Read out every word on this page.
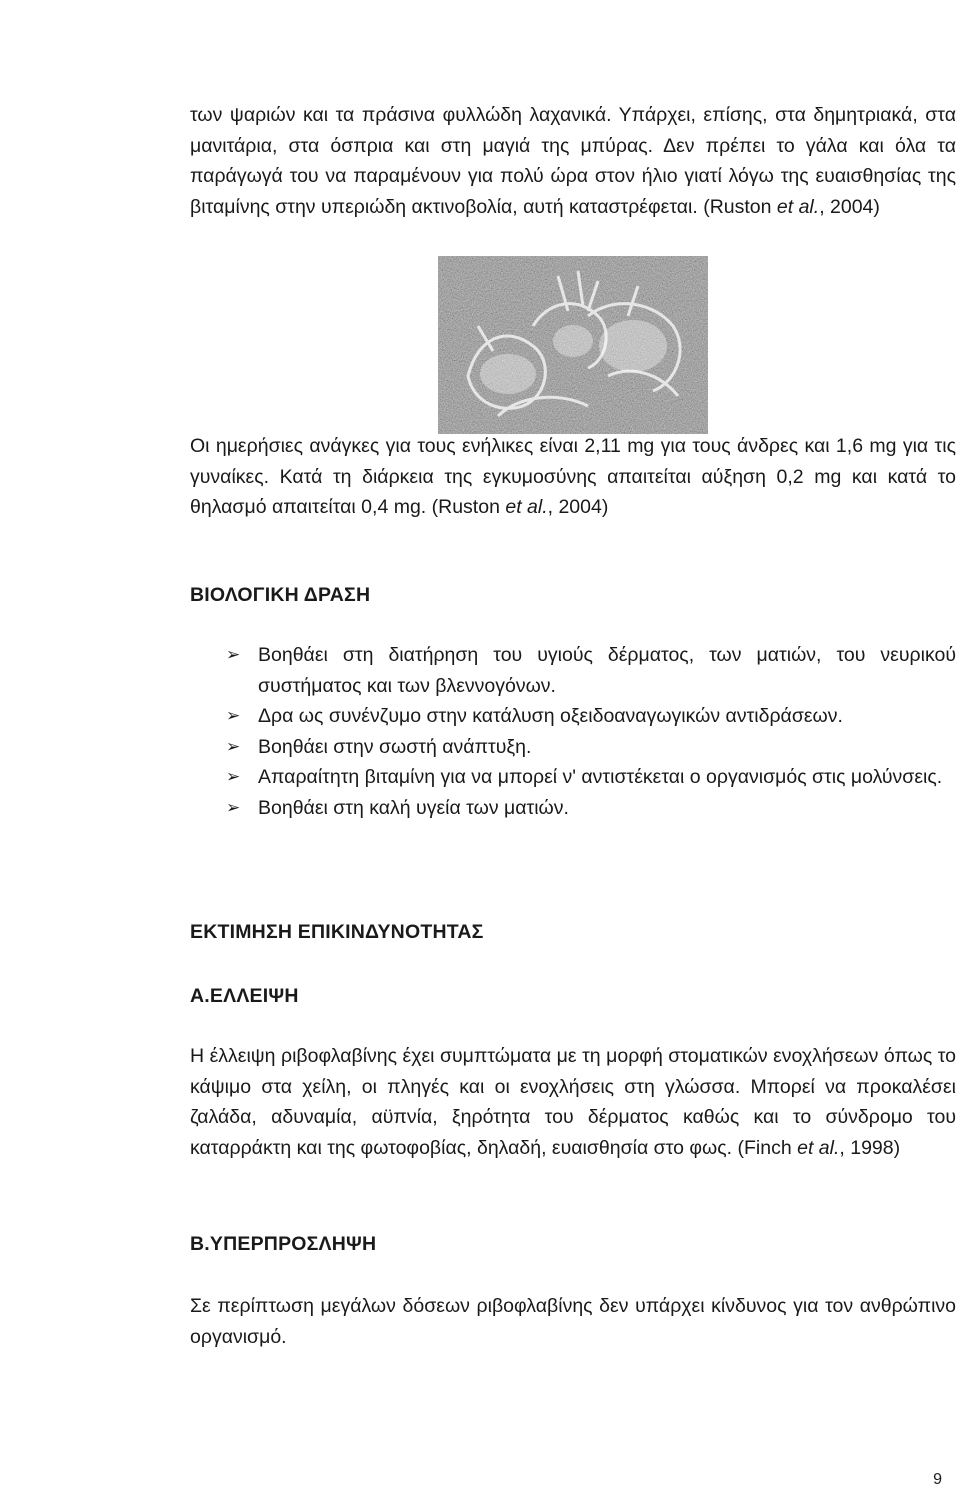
των ψαριών και τα πράσινα φυλλώδη λαχανικά. Υπάρχει, επίσης, στα δημητριακά, στα μανιτάρια, στα όσπρια και στη μαγιά της μπύρας. Δεν πρέπει το γάλα και όλα τα παράγωγά του να παραμένουν για πολύ ώρα στον ήλιο γιατί λόγω της ευαισθησίας της βιταμίνης στην υπεριώδη ακτινοβολία, αυτή καταστρέφεται. (Ruston et al., 2004)

Οι ημερήσιες ανάγκες για τους ενήλικες είναι 2,11 mg για τους άνδρες και 1,6 mg για τις γυναίκες. Κατά τη διάρκεια της εγκυμοσύνης απαιτείται αύξηση 0,2 mg και κατά το θηλασμό απαιτείται 0,4 mg. (Ruston et al., 2004)

ΒΙΟΛΟΓΙΚΗ ΔΡΑΣΗ
➢ Βοηθάει στη διατήρηση του υγιούς δέρματος, των ματιών, του νευρικού συστήματος και των βλεννογόνων.
➢ Δρα ως συνένζυμο στην κατάλυση οξειδοαναγωγικών αντιδράσεων.
➢ Βοηθάει στην σωστή ανάπτυξη.
➢ Απαραίτητη βιταμίνη για να μπορεί ν' αντιστέκεται ο οργανισμός στις μολύνσεις.
➢ Βοηθάει στη καλή υγεία των ματιών.
ΕΚΤΙΜΗΣΗ ΕΠΙΚΙΝΔΥΝΟΤΗΤΑΣ
Α.ΕΛΛΕΙΨΗ

Η έλλειψη ριβοφλαβίνης έχει συμπτώματα με τη μορφή στοματικών ενοχλήσεων όπως το κάψιμο στα χείλη, οι πληγές και οι ενοχλήσεις στη γλώσσα. Μπορεί να προκαλέσει ζαλάδα, αδυναμία, αϋπνία, ξηρότητα του δέρματος καθώς και το σύνδρομο του καταρράκτη και της φωτοφοβίας, δηλαδή, ευαισθησία στο φως. (Finch et al., 1998)

Β.ΥΠΕΡΠΡΟΣΛΗΨΗ

Σε περίπτωση μεγάλων δόσεων ριβοφλαβίνης δεν υπάρχει κίνδυνος για τον ανθρώπινο οργανισμό.

9
